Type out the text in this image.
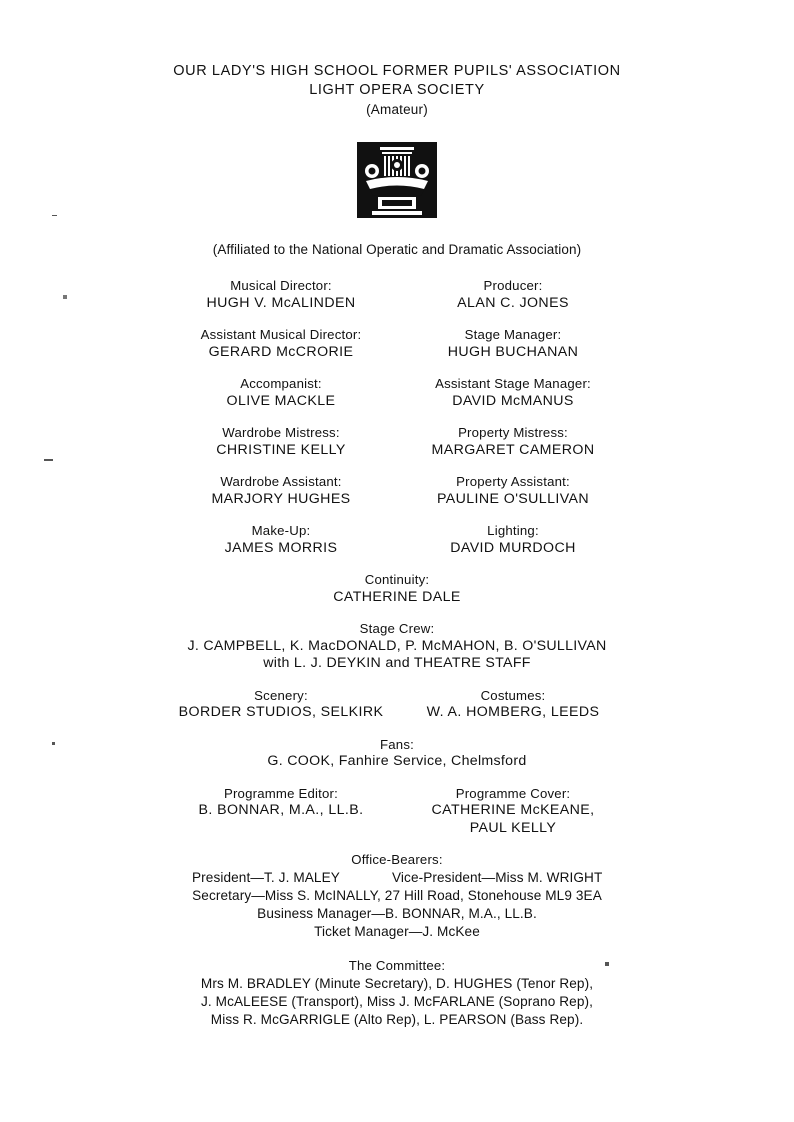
OUR LADY'S HIGH SCHOOL FORMER PUPILS' ASSOCIATION
LIGHT OPERA SOCIETY
(Amateur)
(Affiliated to the National Operatic and Dramatic Association)
Musical Director:
HUGH V. McALINDEN
Producer:
ALAN C. JONES
Assistant Musical Director:
GERARD McCRORIE
Stage Manager:
HUGH BUCHANAN
Accompanist:
OLIVE MACKLE
Assistant Stage Manager:
DAVID McMANUS
Wardrobe Mistress:
CHRISTINE KELLY
Property Mistress:
MARGARET CAMERON
Wardrobe Assistant:
MARJORY HUGHES
Property Assistant:
PAULINE O'SULLIVAN
Make-Up:
JAMES MORRIS
Lighting:
DAVID MURDOCH
Continuity:
CATHERINE DALE
Stage Crew:
J. CAMPBELL, K. MacDONALD, P. McMAHON, B. O'SULLIVAN
with L. J. DEYKIN and THEATRE STAFF
Scenery:
BORDER STUDIOS, SELKIRK
Costumes:
W. A. HOMBERG, LEEDS
Fans:
G. COOK, Fanhire Service, Chelmsford
Programme Editor:
B. BONNAR, M.A., LL.B.
Programme Cover:
CATHERINE McKEANE,
PAUL KELLY
Office-Bearers:
President—T. J. MALEY	Vice-President—Miss M. WRIGHT
Secretary—Miss S. McINALLY, 27 Hill Road, Stonehouse ML9 3EA
Business Manager—B. BONNAR, M.A., LL.B.
Ticket Manager—J. McKee
The Committee:
Mrs M. BRADLEY (Minute Secretary), D. HUGHES (Tenor Rep),
J. McALEESE (Transport), Miss J. McFARLANE (Soprano Rep),
Miss R. McGARRIGLE (Alto Rep), L. PEARSON (Bass Rep).
